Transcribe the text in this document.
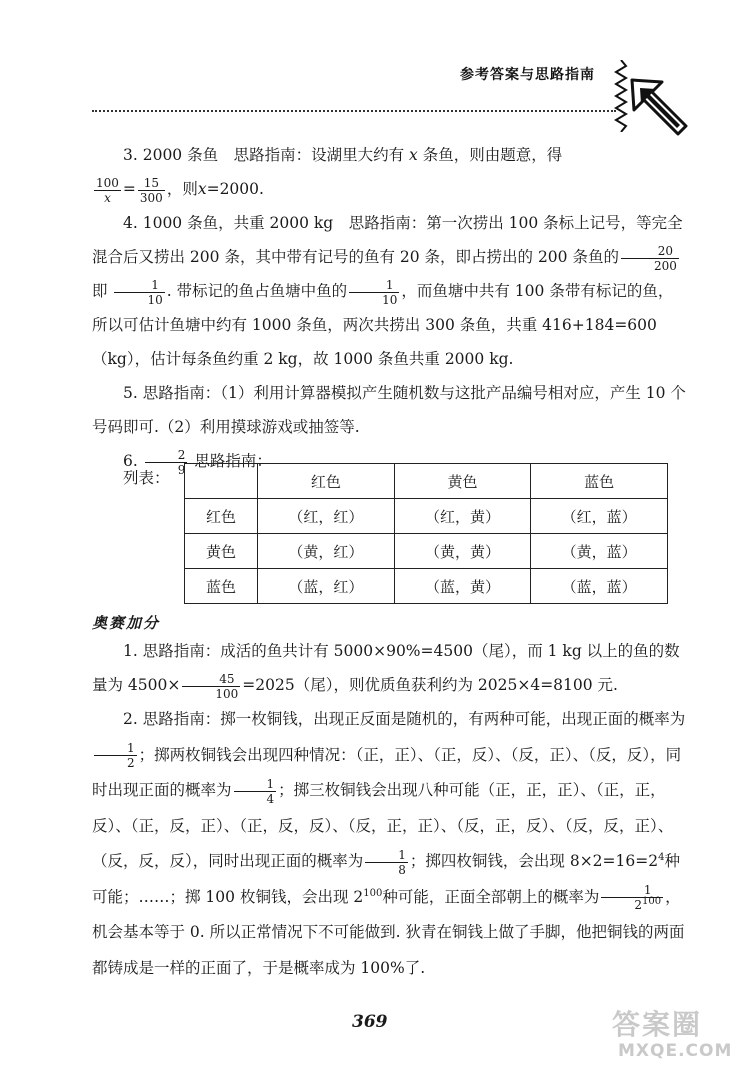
参考答案与思路指南

3. 2000 条鱼　思路指南：设湖里大约有 x 条鱼，则由题意，得

$\frac{100}{x} = \frac{15}{300}$ ，则x=2000.

4. 1000 条鱼，共重 2000 kg　思路指南：第一次捞出 100 条标上记号，等完全混合后又捞出 200 条，其中带有记号的鱼有 20 条，即占捞出的 200 条鱼的 $\frac{20}{200}$
即 $\frac{1}{10}$ . 带标记的鱼占鱼塘中鱼的 $\frac{1}{10}$ ，而鱼塘中共有 100 条带有标记的鱼，所以可估计鱼塘中约有 1000 条鱼，两次共捞出 300 条鱼，共重 416+184=600（kg），估计每条鱼约重 2 kg，故 1000 条鱼共重 2000 kg.

5. 思路指南：（1）利用计算器模拟产生随机数与这批产品编号相对应，产生 10 个号码即可.（2）利用摸球游戏或抽签等.

6. $\frac{2}{9}$ 思路指南：

列表：
		红色	黄色	蓝色
红色	（红，红）	（红，黄）	（红，蓝）
黄色	（黄，红）	（黄，黄）	（黄，蓝）
蓝色	（蓝，红）	（蓝，黄）	（蓝，蓝）
奥赛加分

1. 思路指南：成活的鱼共计有 5000×90%=4500（尾），而 1 kg 以上的鱼的数量为 $4500\times \frac{45}{100} =2025$（尾），则优质鱼获利约为 2025×4=8100 元.

2. 思路指南：掷一枚铜钱，出现正反面是随机的，有两种可能，出现正面的概率为
$\frac{1}{2}$ ；掷两枚铜钱会出现四种情况：（正，正）、（正，反）、（反，正）、（反，反），同时出现正面的概率为 $\frac{1}{4}$ ；掷三枚铜钱会出现八种可能（正，正，正）、（正，正，反）、（正，反，正）、（正，反，反）、（反，正，正）、（反，正，反）、（反，反，正）、（反，反，反），同时出现正面的概率为 $\frac{1}{8}$ ；掷四枚铜钱，会出现 $8\times 2=16=2^4$种可能；……；掷 100 枚铜钱，会出现 $2^{100}$种可能，正面全部朝上的概率为 $\frac{1}{2^{100}}$ ，机会基本等于 0. 所以正常情况下不可能做到. 狄青在铜钱上做了手脚，他把铜钱的两面都铸成是一样的正面了，于是概率成为 100%了.

369	答案圈
MXQE.COM
